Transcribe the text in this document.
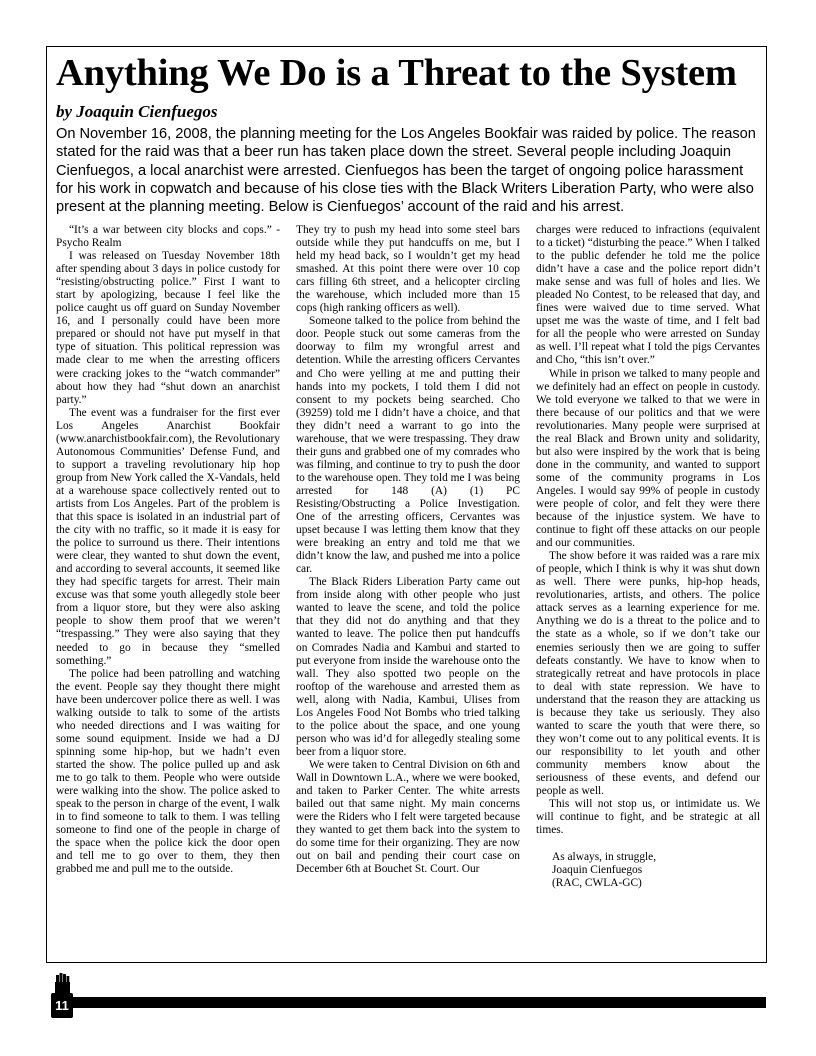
Anything We Do is a Threat to the System
by Joaquin Cienfuegos

On November 16, 2008, the planning meeting for the Los Angeles Bookfair was raided by police. The reason stated for the raid was that a beer run has taken place down the street. Several people including Joaquin Cienfuegos, a local anarchist were arrested. Cienfuegos has been the target of ongoing police harassment for his work in copwatch and because of his close ties with the Black Writers Liberation Party, who were also present at the planning meeting. Below is Cienfuegos’ account of the raid and his arrest.

“It’s a war between city blocks and cops.” -Psycho Realm

I was released on Tuesday November 18th after spending about 3 days in police custody for “resisting/obstructing police.” First I want to start by apologizing, because I feel like the police caught us off guard on Sunday November 16, and I personally could have been more prepared or should not have put myself in that type of situation. This political repression was made clear to me when the arresting officers were cracking jokes to the “watch commander” about how they had “shut down an anarchist party.”

The event was a fundraiser for the first ever Los Angeles Anarchist Bookfair (www.anarchistbookfair.com), the Revolutionary Autonomous Communities’ Defense Fund, and to support a traveling revolutionary hip hop group from New York called the X-Vandals, held at a warehouse space collectively rented out to artists from Los Angeles. Part of the problem is that this space is isolated in an industrial part of the city with no traffic, so it made it is easy for the police to surround us there. Their intentions were clear, they wanted to shut down the event, and according to several accounts, it seemed like they had specific targets for arrest. Their main excuse was that some youth allegedly stole beer from a liquor store, but they were also asking people to show them proof that we weren’t “trespassing.” They were also saying that they needed to go in because they “smelled something.”

The police had been patrolling and watching the event. People say they thought there might have been undercover police there as well. I was walking outside to talk to some of the artists who needed directions and I was waiting for some sound equipment. Inside we had a DJ spinning some hip-hop, but we hadn’t even started the show. The police pulled up and ask me to go talk to them. People who were outside were walking into the show. The police asked to speak to the person in charge of the event, I walk in to find someone to talk to them. I was telling someone to find one of the people in charge of the space when the police kick the door open and tell me to go over to them, they then grabbed me and pull me to the outside.

They try to push my head into some steel bars outside while they put handcuffs on me, but I held my head back, so I wouldn’t get my head smashed. At this point there were over 10 cop cars filling 6th street, and a helicopter circling the warehouse, which included more than 15 cops (high ranking officers as well).

Someone talked to the police from behind the door. People stuck out some cameras from the doorway to film my wrongful arrest and detention. While the arresting officers Cervantes and Cho were yelling at me and putting their hands into my pockets, I told them I did not consent to my pockets being searched. Cho (39259) told me I didn’t have a choice, and that they didn’t need a warrant to go into the warehouse, that we were trespassing. They draw their guns and grabbed one of my comrades who was filming, and continue to try to push the door to the warehouse open. They told me I was being arrested for 148 (A) (1) PC Resisting/Obstructing a Police Investigation. One of the arresting officers, Cervantes was upset because I was letting them know that they were breaking an entry and told me that we didn’t know the law, and pushed me into a police car.

The Black Riders Liberation Party came out from inside along with other people who just wanted to leave the scene, and told the police that they did not do anything and that they wanted to leave. The police then put handcuffs on Comrades Nadia and Kambui and started to put everyone from inside the warehouse onto the wall. They also spotted two people on the rooftop of the warehouse and arrested them as well, along with Nadia, Kambui, Ulises from Los Angeles Food Not Bombs who tried talking to the police about the space, and one young person who was id’d for allegedly stealing some beer from a liquor store.

We were taken to Central Division on 6th and Wall in Downtown L.A., where we were booked, and taken to Parker Center. The white arrests bailed out that same night. My main concerns were the Riders who I felt were targeted because they wanted to get them back into the system to do some time for their organizing. They are now out on bail and pending their court case on December 6th at Bouchet St. Court. Our

charges were reduced to infractions (equivalent to a ticket) “disturbing the peace.” When I talked to the public defender he told me the police didn’t have a case and the police report didn’t make sense and was full of holes and lies. We pleaded No Contest, to be released that day, and fines were waived due to time served. What upset me was the waste of time, and I felt bad for all the people who were arrested on Sunday as well. I’ll repeat what I told the pigs Cervantes and Cho, “this isn’t over.”

While in prison we talked to many people and we definitely had an effect on people in custody. We told everyone we talked to that we were in there because of our politics and that we were revolutionaries. Many people were surprised at the real Black and Brown unity and solidarity, but also were inspired by the work that is being done in the community, and wanted to support some of the community programs in Los Angeles. I would say 99% of people in custody were people of color, and felt they were there because of the injustice system. We have to continue to fight off these attacks on our people and our communities.

The show before it was raided was a rare mix of people, which I think is why it was shut down as well. There were punks, hip-hop heads, revolutionaries, artists, and others. The police attack serves as a learning experience for me. Anything we do is a threat to the police and to the state as a whole, so if we don’t take our enemies seriously then we are going to suffer defeats constantly. We have to know when to strategically retreat and have protocols in place to deal with state repression. We have to understand that the reason they are attacking us is because they take us seriously. They also wanted to scare the youth that were there, so they won’t come out to any political events. It is our responsibility to let youth and other community members know about the seriousness of these events, and defend our people as well.

This will not stop us, or intimidate us. We will continue to fight, and be strategic at all times.

As always, in struggle,
Joaquin Cienfuegos
(RAC, CWLA-GC)
11
